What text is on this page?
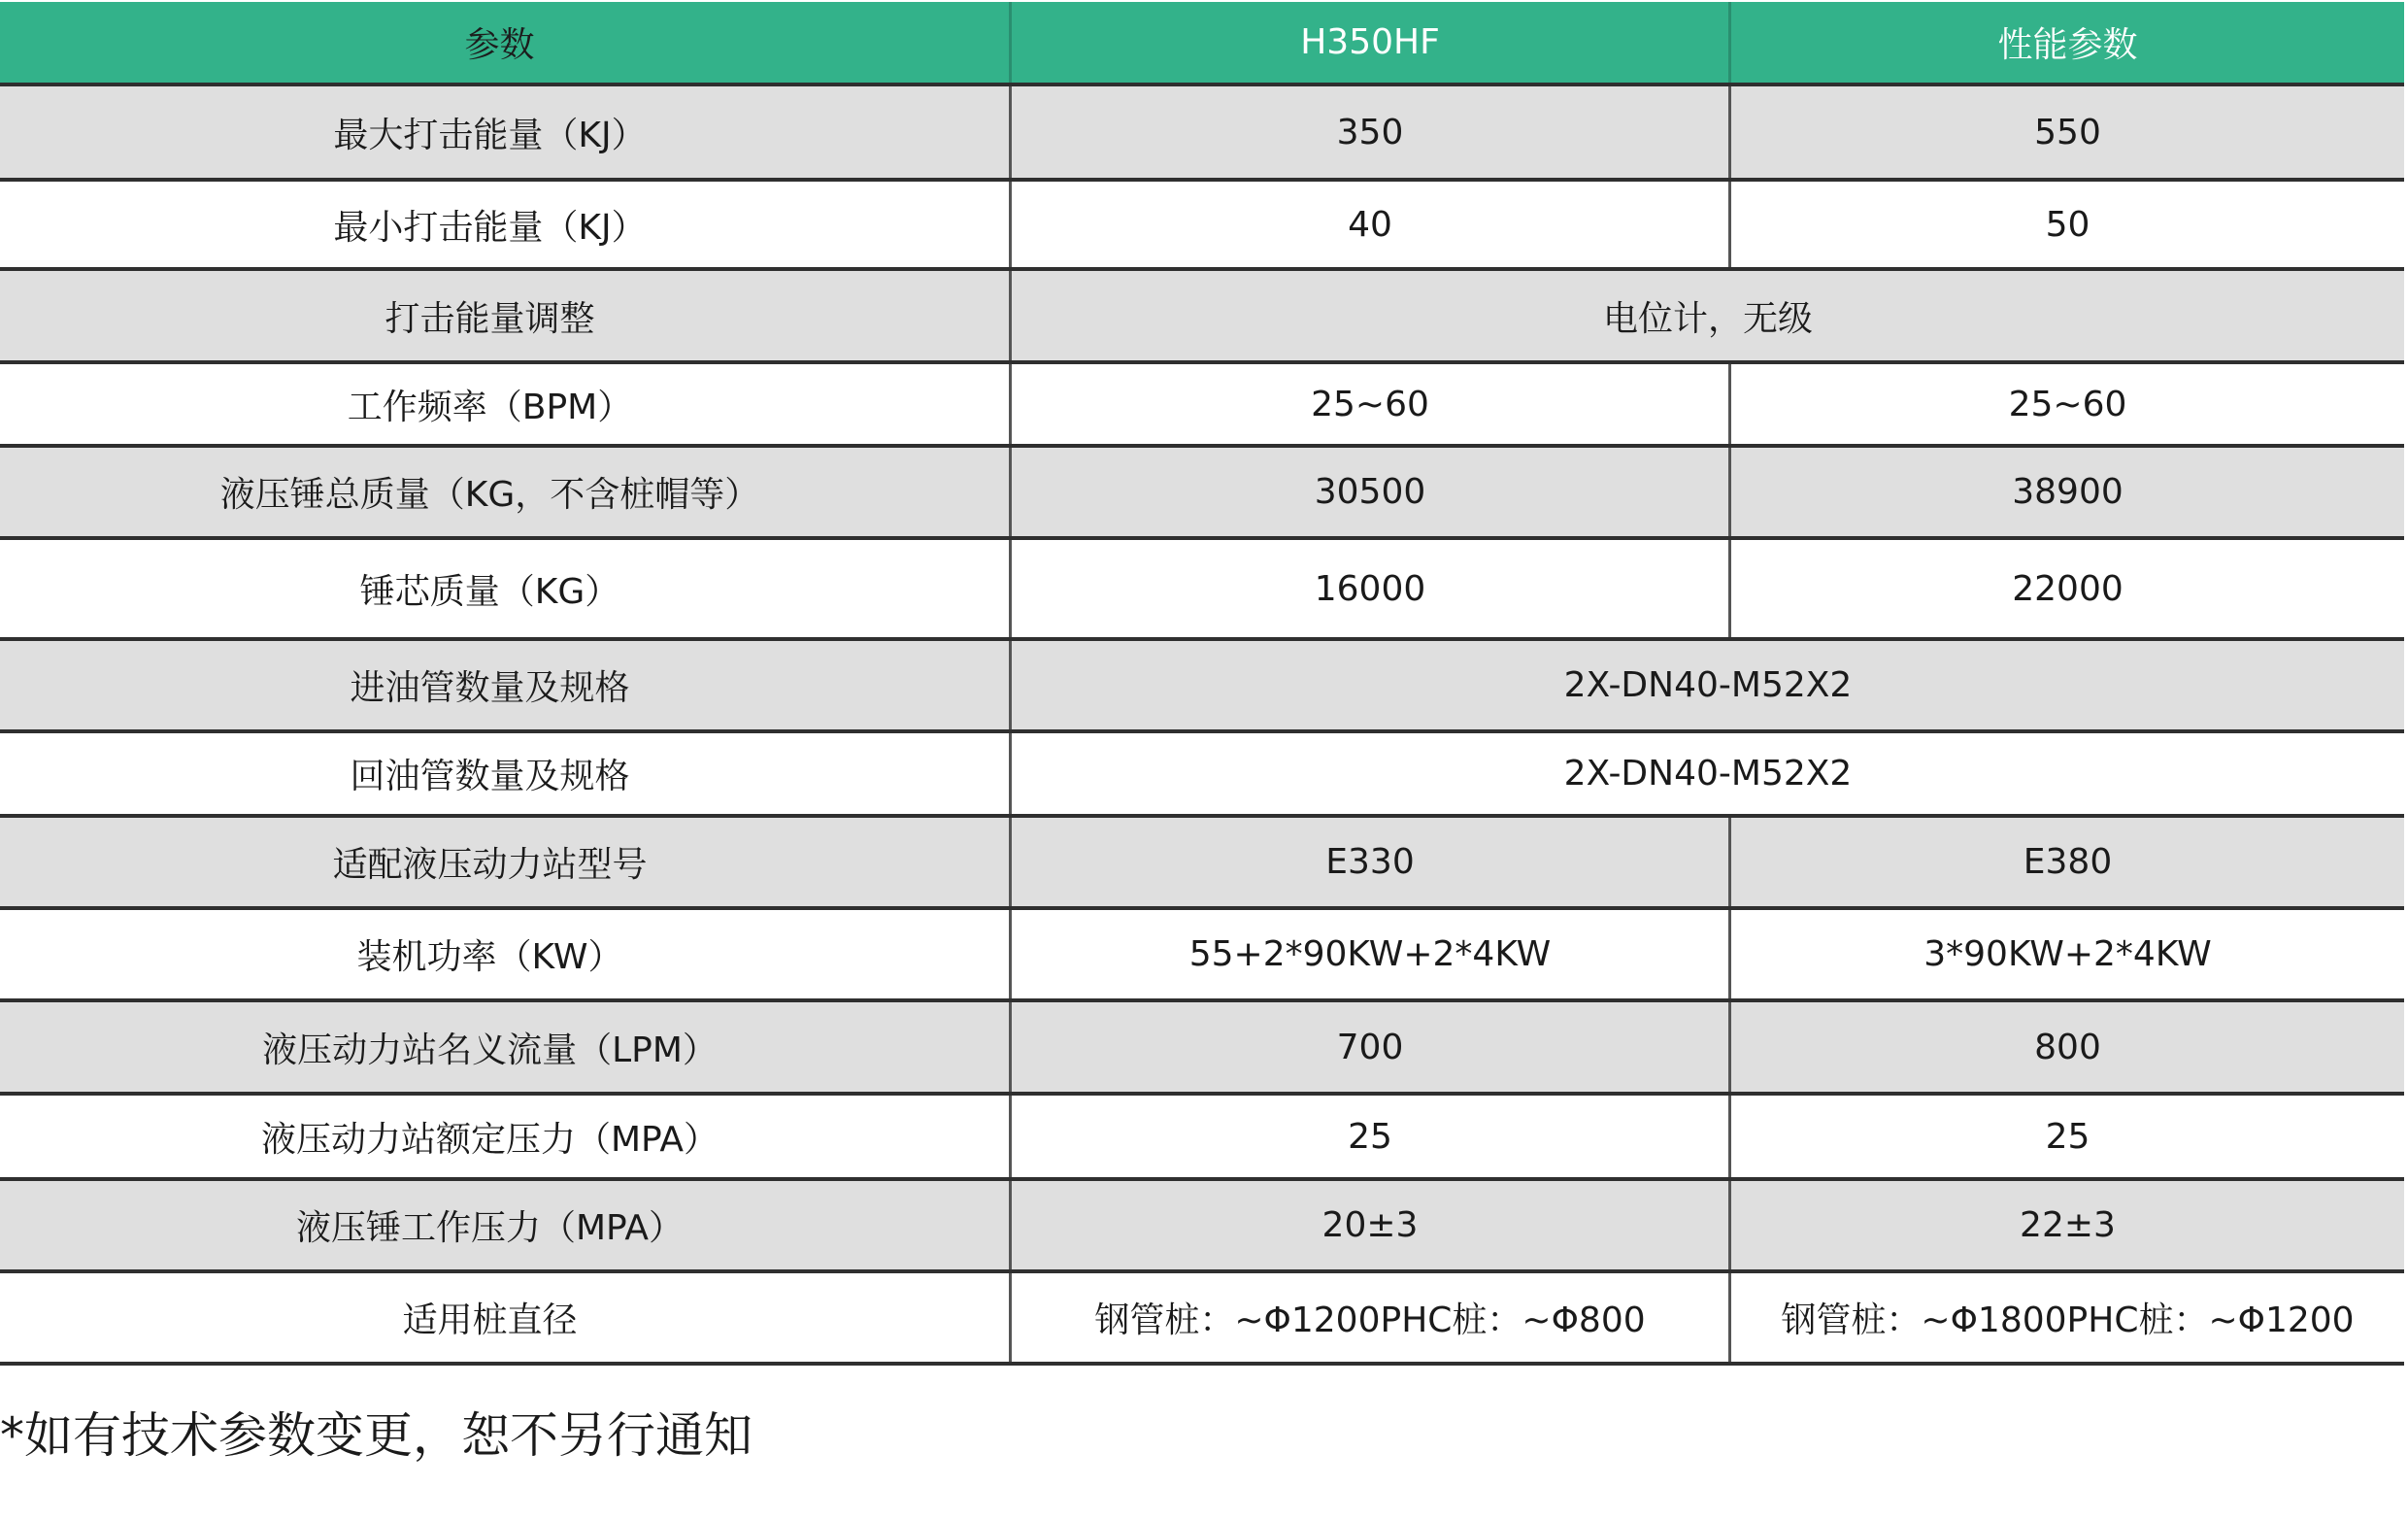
参数	H350HF	性能参数
最大打击能量（KJ）	350	550
最小打击能量（KJ）	40	50
打击能量调整	电位计，无级
工作频率（BPM）	25~60	25~60
液压锤总质量（KG，不含桩帽等）	30500	38900
锤芯质量（KG）	16000	22000
进油管数量及规格	2X-DN40-M52X2
回油管数量及规格	2X-DN40-M52X2
适配液压动力站型号	E330	E380
装机功率（KW）	55+2*90KW+2*4KW	3*90KW+2*4KW
液压动力站名义流量（LPM）	700	800
液压动力站额定压力（MPA）	25	25
液压锤工作压力（MPA）	20±3	22±3
适用桩直径	钢管桩：~Φ1200PHC桩：~Φ800	钢管桩：~Φ1800PHC桩：~Φ1200
*如有技术参数变更，恕不另行通知
